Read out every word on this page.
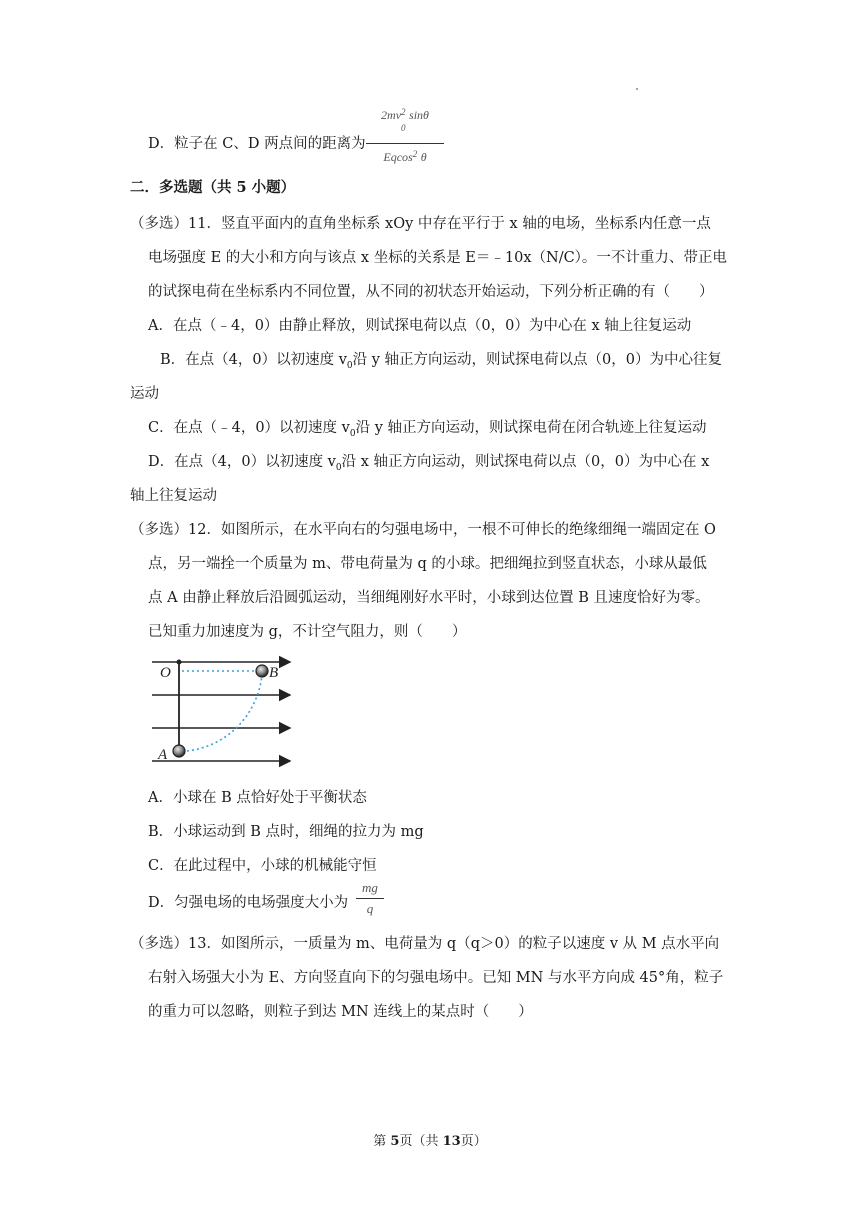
D．粒子在 C、D 两点间的距离为
2mv 2
0
sinθ
Eqcos 2 θ
二．多选题（共 5 小题）
（多选）11．竖直平面内的直角坐标系 xOy 中存在平行于 x 轴的电场，坐标系内任意一点
电场强度 E 的大小和方向与该点 x 坐标的关系是 E＝﹣10x（N/C）。一不计重力、带正电
的试探电荷在坐标系内不同位置，从不同的初状态开始运动，下列分析正确的有（　　）
A．在点（﹣4，0）由静止释放，则试探电荷以点（0，0）为中心在 x 轴上往复运动
B．在点（4，0）以初速度 $v_0$沿 y 轴正方向运动，则试探电荷以点（0，0）为中心往复
运动
C．在点（﹣4，0）以初速度 $v_0$沿 y 轴正方向运动，则试探电荷在闭合轨迹上往复运动
D．在点（4，0）以初速度 $v_0$沿 x 轴正方向运动，则试探电荷以点（0，0）为中心在 x
轴上往复运动
（多选）12．如图所示，在水平向右的匀强电场中，一根不可伸长的绝缘细绳一端固定在 O
点，另一端拴一个质量为 m、带电荷量为 q 的小球。把细绳拉到竖直状态，小球从最低
点 A 由静止释放后沿圆弧运动，当细绳刚好水平时，小球到达位置 B 且速度恰好为零。
已知重力加速度为 g，不计空气阻力，则（　　）
O	B
A
A．小球在 B 点恰好处于平衡状态
B．小球运动到 B 点时，细绳的拉力为 mg
C．在此过程中，小球的机械能守恒
D．匀强电场的电场强度大小为
mg
q
（多选）13．如图所示，一质量为 m、电荷量为 q（q＞0）的粒子以速度 v 从 M 点水平向
右射入场强大小为 E、方向竖直向下的匀强电场中。已知 MN 与水平方向成 45°角，粒子
的重力可以忽略，则粒子到达 MN 连线上的某点时（　　）
第 5页（共 13页）
